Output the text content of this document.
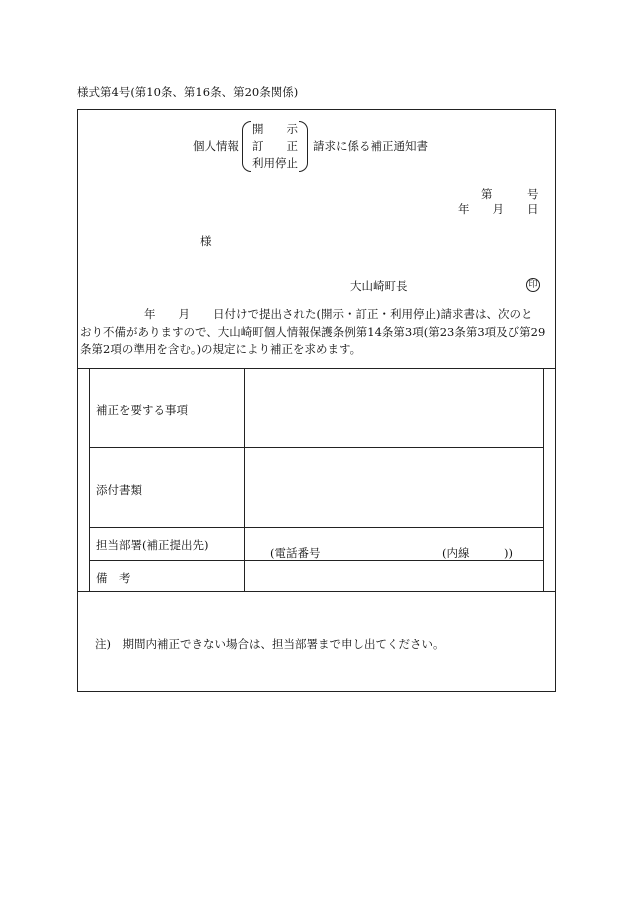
様式第4号(第10条、第16条、第20条関係)
個人情報
開　　示
訂　　正
利用停止
請求に係る補正通知書
第　　　号
年　　月　　日
様
大山崎町長	印
年　　月　　日付けで提出された(開示・訂正・利用停止)請求書は、次のと
おり不備がありますので、大山崎町個人情報保護条例第14条第3項(第23条第3項及び第29
条第2項の準用を含む。)の規定により補正を求めます。
補正を要する事項
添付書類
担当部署(補正提出先)
(電話番号	(内線　　　))
備　考
注)　期間内補正できない場合は、担当部署まで申し出てください。
